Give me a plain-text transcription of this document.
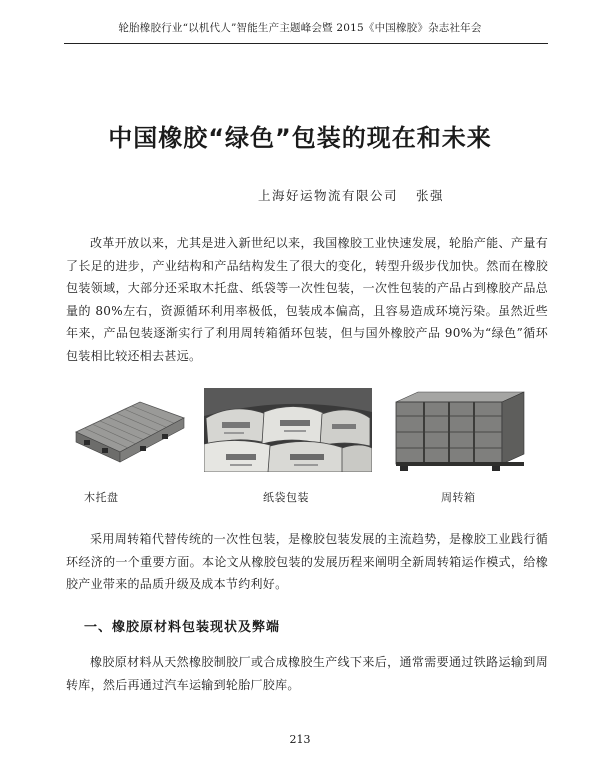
轮胎橡胶行业“以机代人”智能生产主题峰会暨 2015《中国橡胶》杂志社年会
中国橡胶“绿色”包装的现在和未来
上海好运物流有限公司 张强
改革开放以来，尤其是进入新世纪以来，我国橡胶工业快速发展，轮胎产能、产量有了长足的进步，产业结构和产品结构发生了很大的变化，转型升级步伐加快。然而在橡胶包装领域，大部分还采取木托盘、纸袋等一次性包装，一次性包装的产品占到橡胶产品总量的 80%左右，资源循环利用率极低，包装成本偏高，且容易造成环境污染。虽然近些年来，产品包装逐渐实行了利用周转箱循环包装，但与国外橡胶产品 90%为“绿色”循环包装相比较还相去甚远。
木托盘	纸袋包装	周转箱
采用周转箱代替传统的一次性包装，是橡胶包装发展的主流趋势，是橡胶工业践行循环经济的一个重要方面。本论文从橡胶包装的发展历程来阐明全新周转箱运作模式，给橡胶产业带来的品质升级及成本节约利好。
一、橡胶原材料包装现状及弊端
橡胶原材料从天然橡胶制胶厂或合成橡胶生产线下来后，通常需要通过铁路运输到周转库，然后再通过汽车运输到轮胎厂胶库。
213
